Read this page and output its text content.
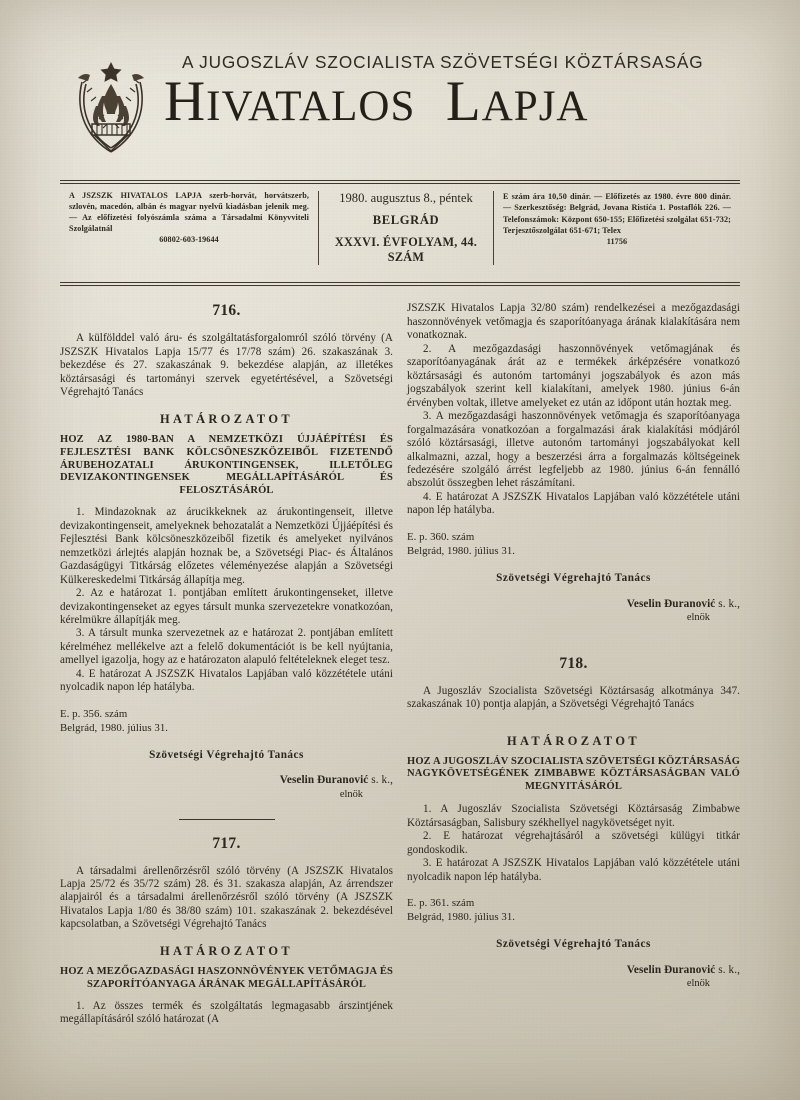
A JUGOSZLÁV SZOCIALISTA SZÖVETSÉGI KÖZTÁRSASÁG
HIVATALOS  LAPJA
A JSZSZK HIVATALOS LAPJA szerb-horvát, horvátszerb, szlovén, macedón, albán és magyar nyelvű kiadásban jelenik meg. — Az előfizetési folyószámla száma a Társadalmi Könyvviteli Szolgálatnál
60802-603-19644
1980. augusztus 8., péntek
BELGRÁD
XXXVI. ÉVFOLYAM, 44. SZÁM
E szám ára 10,50 dinár. — Előfizetés az 1980. évre 800 dinár. — Szerkesztőség: Belgrád, Jovana Ristića 1. Postaflók 226. — Telefonszámok: Központ 650-155; Előfizetési szolgálat 651-732; Terjesztőszolgálat 651-671; Telex
11756
716.

A külfölddel való áru- és szolgáltatásforgalomról szóló törvény (A JSZSZK Hivatalos Lapja 15/77 és 17/78 szám) 26. szakaszának 3. bekezdése és 27. szakaszának 9. bekezdése alapján, az illetékes köztársasági és tartományi szervek egyetértésével, a Szövetségi Végrehajtó Tanács

HATÁROZATOT
HOZ AZ 1980-BAN A NEMZETKÖZI ÚJJÁÉPÍTÉSI ÉS FEJLESZTÉSI BANK KÖLCSÖNESZKÖZEIBŐL FIZETENDŐ ÁRUBEHOZATALI ÁRUKONTINGENSEK, ILLETŐLEG DEVIZAKONTINGENSEK MEGÁLLAPÍTÁSÁRÓL ÉS FELOSZTÁSÁRÓL

1. Mindazoknak az árucikkeknek az árukontingenseit, illetve devizakontingenseit, amelyeknek behozatalát a Nemzetközi Újjáépítési és Fejlesztési Bank kölcsöneszközeiből fizetik és amelyeket nyilvános nemzetközi árlejtés alapján hoznak be, a Szövetségi Piac- és Általános Gazdaságügyi Titkárság előzetes véleményezése alapján a Szövetségi Külkereskedelmi Titkárság állapítja meg.

2. Az e határozat 1. pontjában említett árukontingenseket, illetve devizakontingenseket az egyes társult munka szervezetekre vonatkozóan, kérelmükre állapítják meg.

3. A társult munka szervezetnek az e határozat 2. pontjában említett kérelméhez mellékelve azt a felelő dokumentációt is be kell nyújtania, amellyel igazolja, hogy az e határozaton alapuló feltételeknek eleget tesz.

4. E határozat A JSZSZK Hivatalos Lapjában való közzététele utáni nyolcadik napon lép hatályba.

E. p. 356. szám
Belgrád, 1980. július 31.
Szövetségi Végrehajtó Tanács
Veselin Đuranović s. k.,
elnök
717.

A társadalmi árellenőrzésről szóló törvény (A JSZSZK Hivatalos Lapja 25/72 és 35/72 szám) 28. és 31. szakasza alapján, Az árrendszer alapjairól és a társadalmi árellenőrzésről szóló törvény (A JSZSZK Hivatalos Lapja 1/80 és 38/80 szám) 101. szakaszának 2. bekezdésével kapcsolatban, a Szövetségi Végrehajtó Tanács

HATÁROZATOT
HOZ A MEZŐGAZDASÁGI HASZONNÖVÉNYEK VETŐMAGJA ÉS SZAPORÍTÓANYAGA ÁRÁNAK MEGÁLLAPÍTÁSÁRÓL

1. Az összes termék és szolgáltatás legmagasabb árszintjének megállapításáról szóló határozat (A

JSZSZK Hivatalos Lapja 32/80 szám) rendelkezései a mezőgazdasági haszonnövények vetőmagja és szaporítóanyaga árának kialakítására nem vonatkoznak.

2. A mezőgazdasági haszonnövények vetőmagjának és szaporítóanyagának árát az e termékek árképzésére vonatkozó köztársasági és autonóm tartományi jogszabályok és azon más jogszabályok szerint kell kialakítani, amelyek 1980. június 6-án érvényben voltak, illetve amelyeket ez után az időpont után hoztak meg.

3. A mezőgazdasági haszonnövények vetőmagja és szaporítóanyaga forgalmazására vonatkozóan a forgalmazási árak kialakítási módjáról szóló köztársasági, illetve autonóm tartományi jogszabályokat kell alkalmazni, azzal, hogy a beszerzési árra a forgalmazás költségeinek fedezésére szolgáló árrést legfeljebb az 1980. június 6-án fennálló abszolút összegben lehet rászámítani.

4. E határozat A JSZSZK Hivatalos Lapjában való közzététele utáni napon lép hatályba.

E. p. 360. szám
Belgrád, 1980. július 31.
Szövetségi Végrehajtó Tanács
Veselin Đuranović s. k.,
elnök
718.

A Jugoszláv Szocialista Szövetségi Köztársaság alkotmánya 347. szakaszának 10) pontja alapján, a Szövetségi Végrehajtó Tanács

HATÁROZATOT
HOZ A JUGOSZLÁV SZOCIALISTA SZÖVETSÉGI KÖZTÁRSASÁG NAGYKÖVETSÉGÉNEK ZIMBABWE KÖZTÁRSASÁGBAN VALÓ MEGNYITÁSÁRÓL

1. A Jugoszláv Szocialista Szövetségi Köztársaság Zimbabwe Köztársaságban, Salisbury székhellyel nagykövetséget nyit.

2. E határozat végrehajtásáról a szövetségi külügyi titkár gondoskodik.

3. E határozat A JSZSZK Hivatalos Lapjában való közzététele utáni nyolcadik napon lép hatályba.

E. p. 361. szám
Belgrád, 1980. július 31.
Szövetségi Végrehajtó Tanács
Veselin Đuranović s. k.,
elnök
